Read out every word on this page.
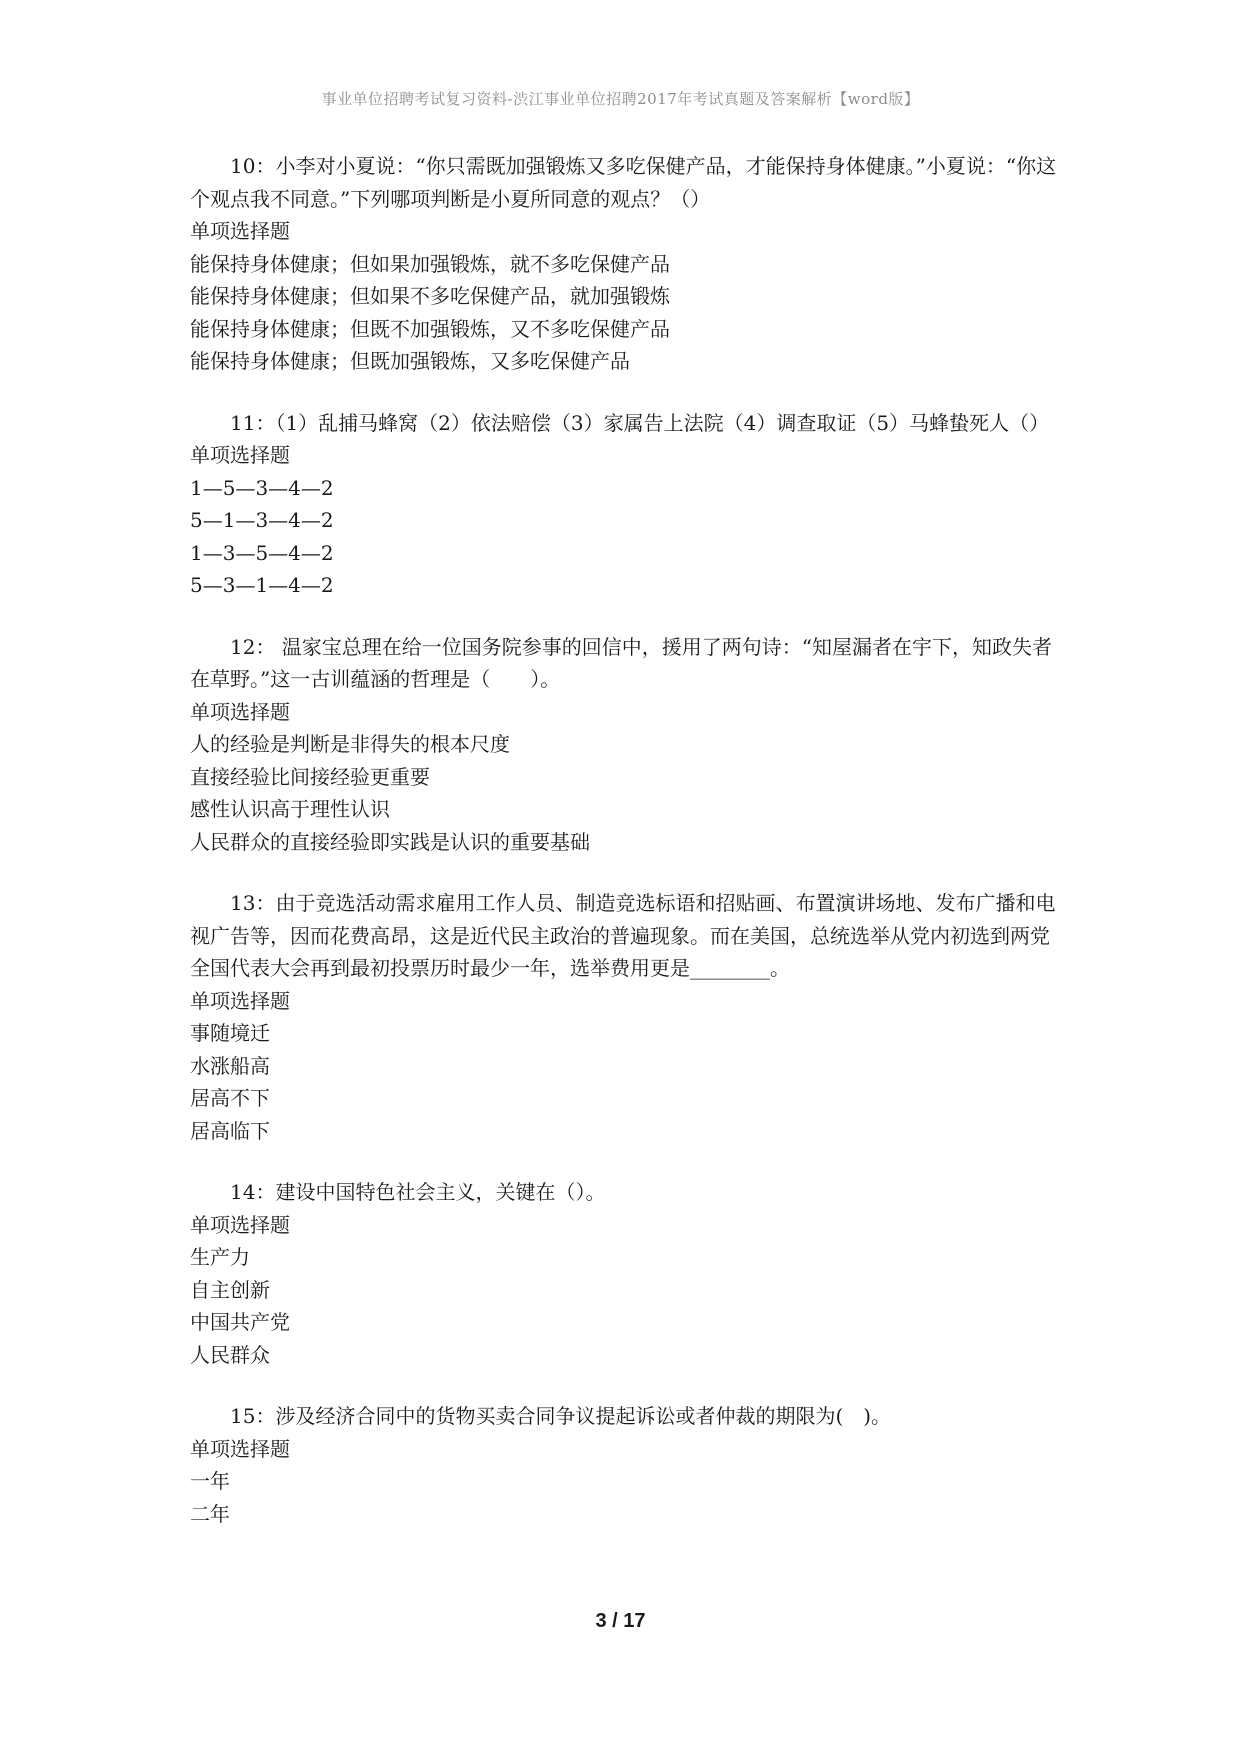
事业单位招聘考试复习资料-渋江事业单位招聘2017年考试真题及答案解析【word版】

10：小李对小夏说：“你只需既加强锻炼又多吃保健产品，才能保持身体健康。”小夏说：“你这个观点我不同意。”下列哪项判断是小夏所同意的观点？（）

单项选择题

能保持身体健康；但如果加强锻炼，就不多吃保健产品

能保持身体健康；但如果不多吃保健产品，就加强锻炼

能保持身体健康；但既不加强锻炼，又不多吃保健产品

能保持身体健康；但既加强锻炼，又多吃保健产品

11：（1）乱捕马蜂窝（2）依法赔偿（3）家属告上法院（4）调查取证（5）马蜂蛰死人（）

单项选择题

1—5—3—4—2

5—1—3—4—2

1—3—5—4—2

5—3—1—4—2

12： 温家宝总理在给一位国务院参事的回信中，援用了两句诗：“知屋漏者在宇下，知政失者在草野。”这一古训蕴涵的哲理是（　　）。

单项选择题

人的经验是判断是非得失的根本尺度

直接经验比间接经验更重要

感性认识高于理性认识

人民群众的直接经验即实践是认识的重要基础

13：由于竞选活动需求雇用工作人员、制造竞选标语和招贴画、布置演讲场地、发布广播和电视广告等，因而花费高昂，这是近代民主政治的普遍现象。而在美国，总统选举从党内初选到两党全国代表大会再到最初投票历时最少一年，选举费用更是________。

单项选择题

事随境迁

水涨船高

居高不下

居高临下

14：建设中国特色社会主义，关键在（）。

单项选择题

生产力

自主创新

中国共产党

人民群众

15：涉及经济合同中的货物买卖合同争议提起诉讼或者仲裁的期限为(　)。

单项选择题

一年

二年

3 / 17
